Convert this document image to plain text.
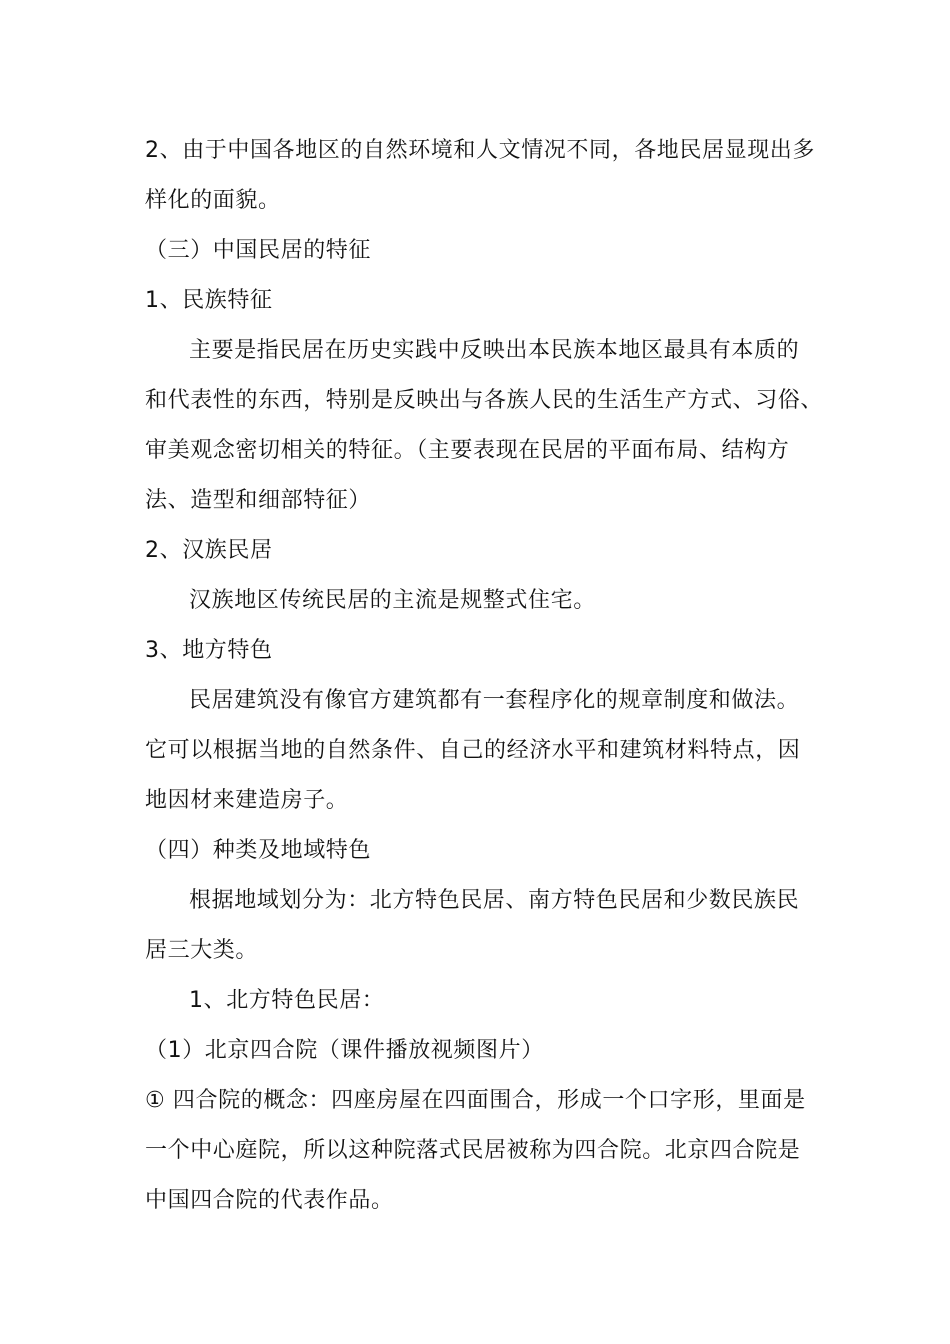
2、由于中国各地区的自然环境和人文情况不同，各地民居显现出多
样化的面貌。
（三）中国民居的特征
1、民族特征
主要是指民居在历史实践中反映出本民族本地区最具有本质的
和代表性的东西，特别是反映出与各族人民的生活生产方式、习俗、
审美观念密切相关的特征。（主要表现在民居的平面布局、结构方
法、造型和细部特征）
2、汉族民居
汉族地区传统民居的主流是规整式住宅。
3、地方特色
民居建筑没有像官方建筑都有一套程序化的规章制度和做法。
它可以根据当地的自然条件、自己的经济水平和建筑材料特点，因
地因材来建造房子。
（四）种类及地域特色
根据地域划分为：北方特色民居、南方特色民居和少数民族民
居三大类。
1、北方特色民居：
（1）北京四合院（课件播放视频图片）
① 四合院的概念：四座房屋在四面围合，形成一个口字形，里面是
一个中心庭院，所以这种院落式民居被称为四合院。北京四合院是
中国四合院的代表作品。
